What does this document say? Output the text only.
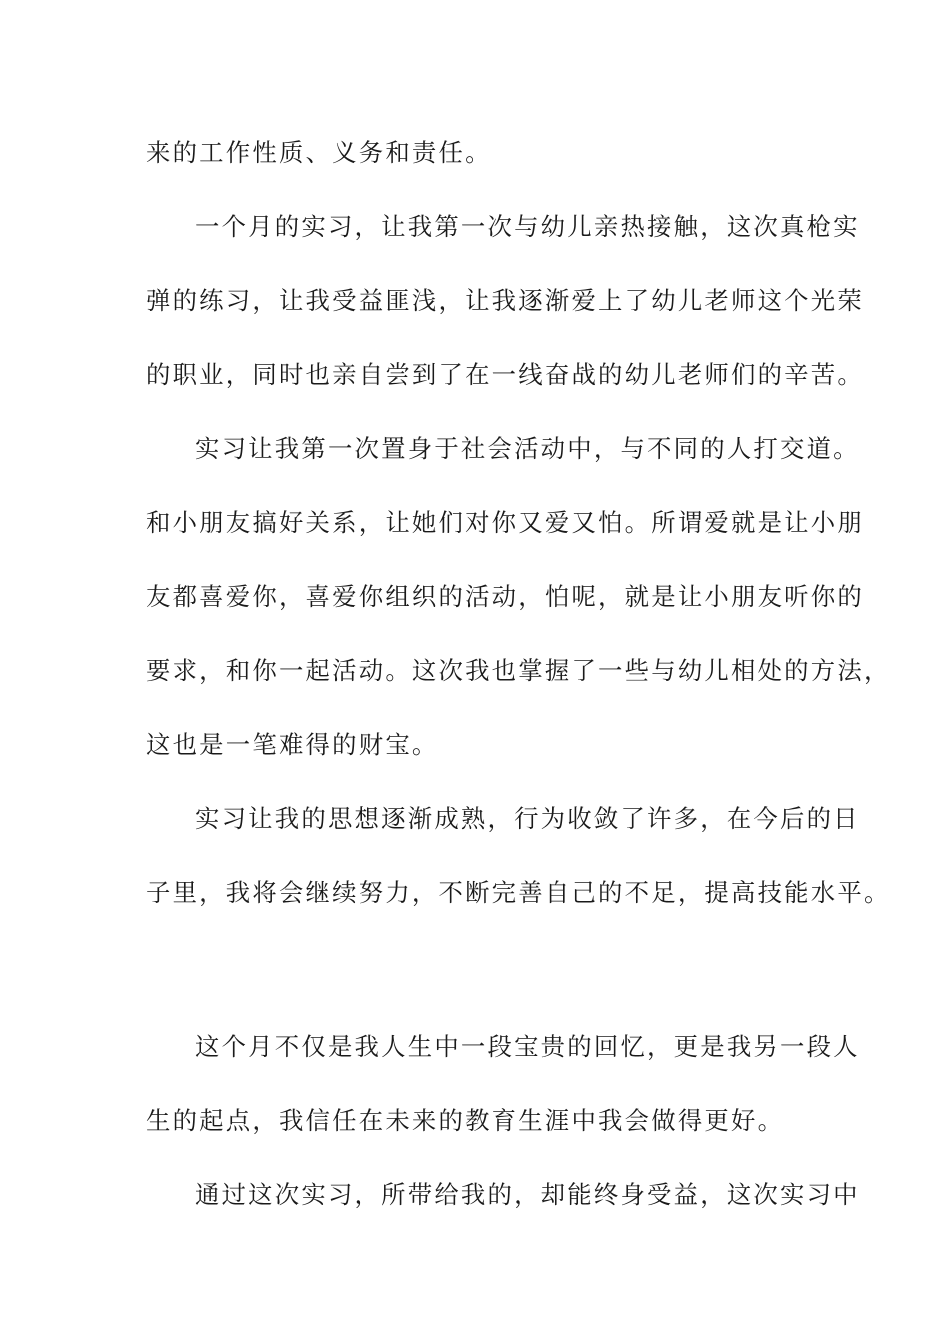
来的工作性质、义务和责任。

一个月的实习，让我第一次与幼儿亲热接触，这次真枪实

弹的练习，让我受益匪浅，让我逐渐爱上了幼儿老师这个光荣

的职业，同时也亲自尝到了在一线奋战的幼儿老师们的辛苦。

实习让我第一次置身于社会活动中，与不同的人打交道。

和小朋友搞好关系，让她们对你又爱又怕。所谓爱就是让小朋

友都喜爱你，喜爱你组织的活动，怕呢，就是让小朋友听你的

要求，和你一起活动。这次我也掌握了一些与幼儿相处的方法，

这也是一笔难得的财宝。

实习让我的思想逐渐成熟，行为收敛了许多，在今后的日

子里，我将会继续努力，不断完善自己的不足，提高技能水平。

这个月不仅是我人生中一段宝贵的回忆，更是我另一段人

生的起点，我信任在未来的教育生涯中我会做得更好。

通过这次实习，所带给我的，却能终身受益，这次实习中
